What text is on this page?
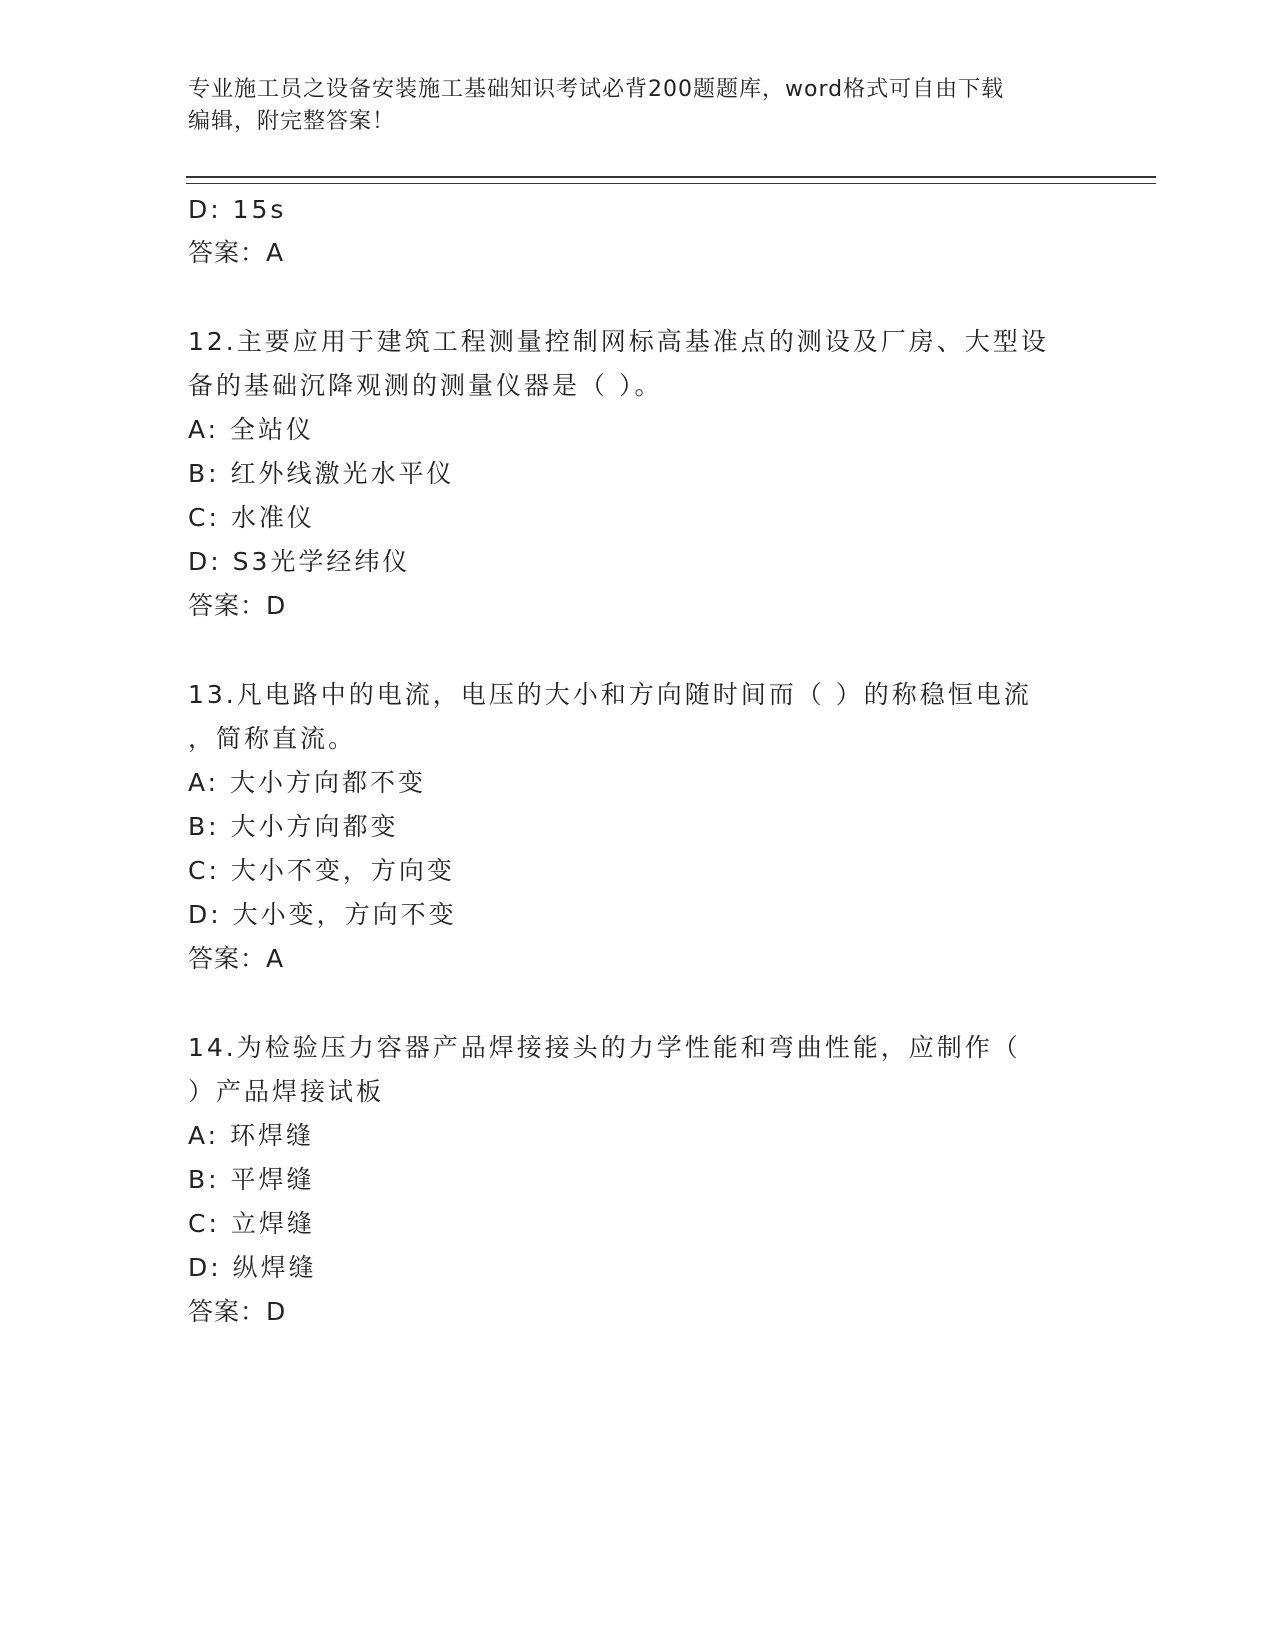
专业施工员之设备安装施工基础知识考试必背200题题库，word格式可自由下载
编辑，附完整答案！
D: 15s
答案：A
12.主要应用于建筑工程测量控制网标高基准点的测设及厂房、大型设
备的基础沉降观测的测量仪器是（ ）。
A: 全站仪
B: 红外线激光水平仪
C: 水准仪
D: S3光学经纬仪
答案：D
13.凡电路中的电流，电压的大小和方向随时间而（ ）的称稳恒电流
，简称直流。
A: 大小方向都不变
B: 大小方向都变
C: 大小不变，方向变
D: 大小变，方向不变
答案：A
14.为检验压力容器产品焊接接头的力学性能和弯曲性能，应制作（
）产品焊接试板
A: 环焊缝
B: 平焊缝
C: 立焊缝
D: 纵焊缝
答案：D
